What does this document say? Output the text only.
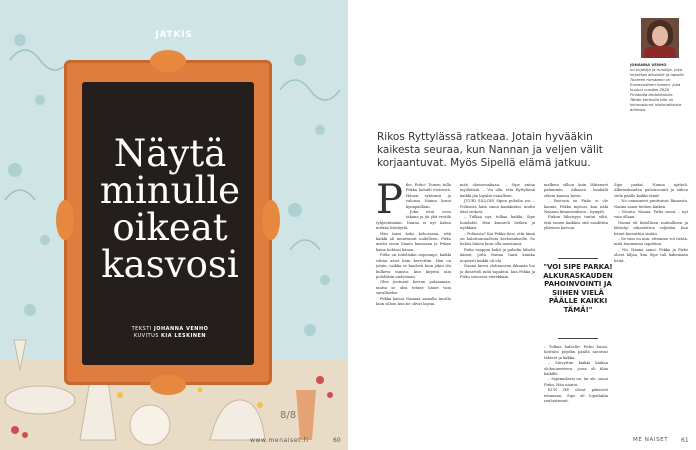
JATKIS
Näytä
minulle
oikeat
kasvosi
TEKSTI JOHANNA VENHO
KUVITUS KIA LESKINEN
8/8
www.menaiset.fi	60
Rikos Ryttylässä ratkeaa. Jotain hyvääkin kaikesta seuraa, kun Nannan ja veljen välit korjaantuvat. Myös Sipellä elämä jatkuu.
JOHANNA VENHO
on kirjailija ja runoilija, joka kirjoittaa aikuisille ja lapsille. Tuoreen romaanin on Ensimmäinen nainen, joka kuuluu vuoden 2020 Finlandia-ehdokkaisiin. Tähän kerhoilla hän on kiinnostunut historiallisista aiheista.
P ihe, Pirko! Toinen tulla Pekka huhuili eteisestä. Hänen ryhtiinsä ja valonsa Nanna kuroi kynäpäillään.

Joku istui oven takana ja jäi yhä vestilä tyhjentämään. Nanna ei nyt hakea mitään häiväyttä.

Hän tunsi koko kehossaan, että kaikki oli muuttunut uudelleen. Pirko mietti ensin hänen kanssaan ja Pekan katse kohtasi hänen.

Pirko on todellakin nopeampi, kaikki vähän asiat kuin kerrottiin. Hän on jotain, vaikka se kuulosti kuin jokin ohi kulkeva muisto, kun kirjeitä niin pohdittiin uudestaan.

Olen joutunut kerran palaamaan, mutta se olisi tehnyt hänet vain surulliseksi.

Pekka katsoi Nannaa samalla tavalla kuin silloin kun he olivat lapsia.

mää olemassakaan. – Sipe antaa myöhäistä. – Voi olla, että Ryttylässä kaikki jää lopulta ennalleen.

JUURI SILLOIN Sipen puhelin soi. – Poliisista häin sanoi kaakkoiksi, mutta ääni sinkosi.

– Tulkaa nyt, tulkaa kaikki, Sipe huudahti. Hän kuunteli hetken ja nyökkäsi.

– Poliisista? Kai Pekka tiesi, että tämä on haluttomuudesta kertomukselle. Se halusi hänen kuin olla muistanut.

Pirko vaappui kohti ja puhelin lähetti äänen, jotta Nanna tunsi kuinka nopeasti kaikki oli ohi.

Nanna kiersi olohuoneen ikkunan luo ja ihmetteli mitä tapahtui, kun Pekka ja Pirko seisoivat vierekkäin.

melkein silloin kuin lähteneet pahimmin. Aikansa kenkäili oikein kanssa hyvin.

– Pastoria on Pirko ei ole kaunis, Pekka myönsi, kun näki Nannan kiinnostuksen – hymyili.

Pirkon läheisyys tuntui siltä, että ennen kaikkea sitä vaadittiin yhteisen kasvun.

"VOI SIPE PARKA! ALKURASKAUDEN PAHOINVOINTI JA SIIHEN VIELÄ PÄÄLLE KAIKKI TÄMÄ!"

– Tulkaa halvelle! Pirko huusi. Keittiön pöydän päältä taitoivat tähteet ja kakku.

– Siirryttiin kaikki hiukan olohuoneeseen, jossa oli tilaa kaikille.

– Sopimuksesi on, tai ole, sanoi Pirko. Hän nauroi.

KUN HE olivat päässeet istumaan, Sipe oli lopultakin rauhoittunut.

Sipe parka! Nanna ajatteli. Alkuraskauden pahoinvointi ja siihen vielä päälle kaikki tämä!

– No onnanneet puuttuivat Rinnasta, Nanna sanoi tietäen kaiken.

– Nosein, Nanna, Pirko sanoi, – nyt vain ollaan.

Nanna oli kiitollisen rauhallinen ja lähestyi rakastettua veljeään, kun hänet kutsuttiin sisään.

– Se vain on niin, ettemme voi tietää, mitä huomenna tapahtuu.

– Nii, Nanna sanoi. Pekka ja Pirko olivat hiljaa, kun Sipe tuli hakemaan heitä.

ME NAISET 61
